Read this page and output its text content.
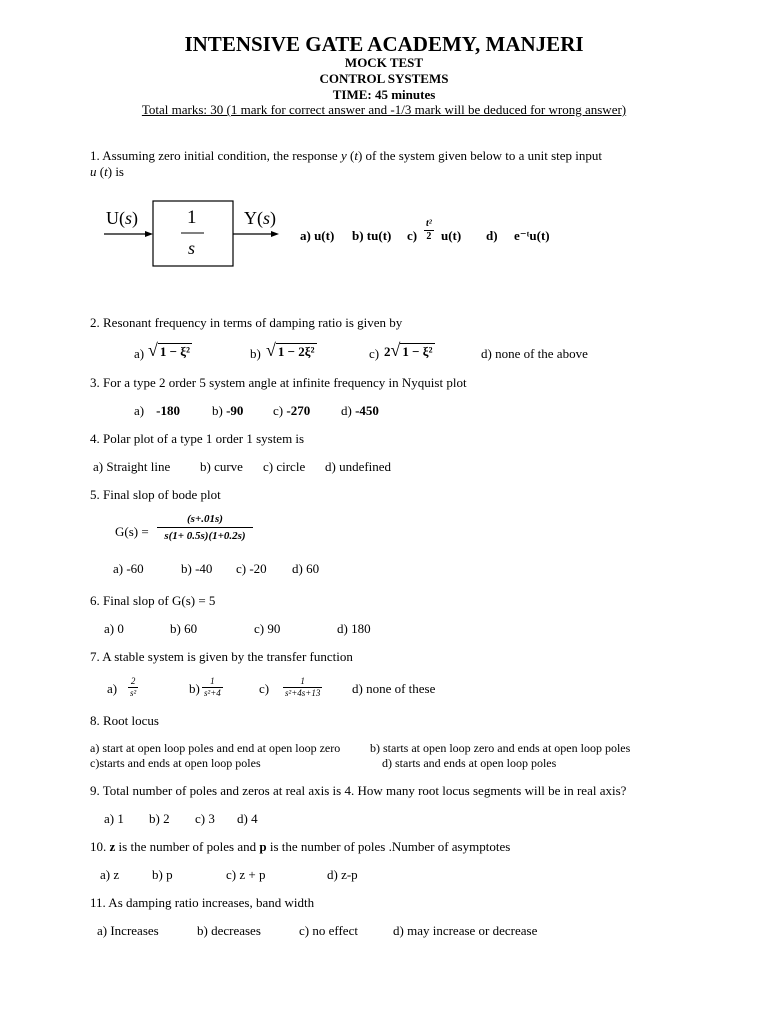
INTENSIVE GATE ACADEMY, MANJERI
MOCK TEST
CONTROL SYSTEMS
TIME: 45 minutes
Total marks: 30 (1 mark for correct answer and -1/3 mark will be deduced for wrong answer)
1. Assuming zero initial condition, the response y (t) of the system given below to a unit step input
u (t) is
U(s)	1
s
Y(s)
a) u(t) b) tu(t) $c) \frac{\text{t²}}{2} u(t)$ d) e⁻ᵗu(t)
2. Resonant frequency in terms of damping ratio is given by
a) √ 1 − ξ²	b) √ 1 − 2ξ²	c) 2√ 1 − ξ²	d) none of the above
3. For a type 2 order 5 system angle at infinite frequency in Nyquist plot
a) -180 b) -90 c) -270 d) -450
4. Polar plot of a type 1 order 1 system is
a) Straight line b) curve c) circle d) undefined
5. Final slop of bode plot
$G(s) = \frac{(s+.01s)}{s(1+ 0.5s)(1+0.2s)}$
a) -60	b) -40 c) -20 d) 60
6. Final slop of G(s) = 5
a) 0	b) 60	c) 90	d) 180
7. A stable system is given by the transfer function
$a) \frac{2}{\text{s²}}$	$b) \frac{1}{\text{s²+4}}$	$c) \frac{1}{\text{s²+4s+13}} d$) none of these
8. Root locus
a) start at open loop poles and end at open loop zero b) starts at open loop zero and ends at open loop poles
c)starts and ends at open loop poles	d) starts and ends at open loop poles
9. Total number of poles and zeros at real axis is 4. How many root locus segments will be in real axis?
a) 1 b) 2 c) 3 d) 4
10. z is the number of poles and p is the number of poles .Number of asymptotes
a) z	b) p	c) z + p	d) z-p
11. As damping ratio increases, band width
a) Increases	b) decreases	c) no effect	d) may increase or decrease
